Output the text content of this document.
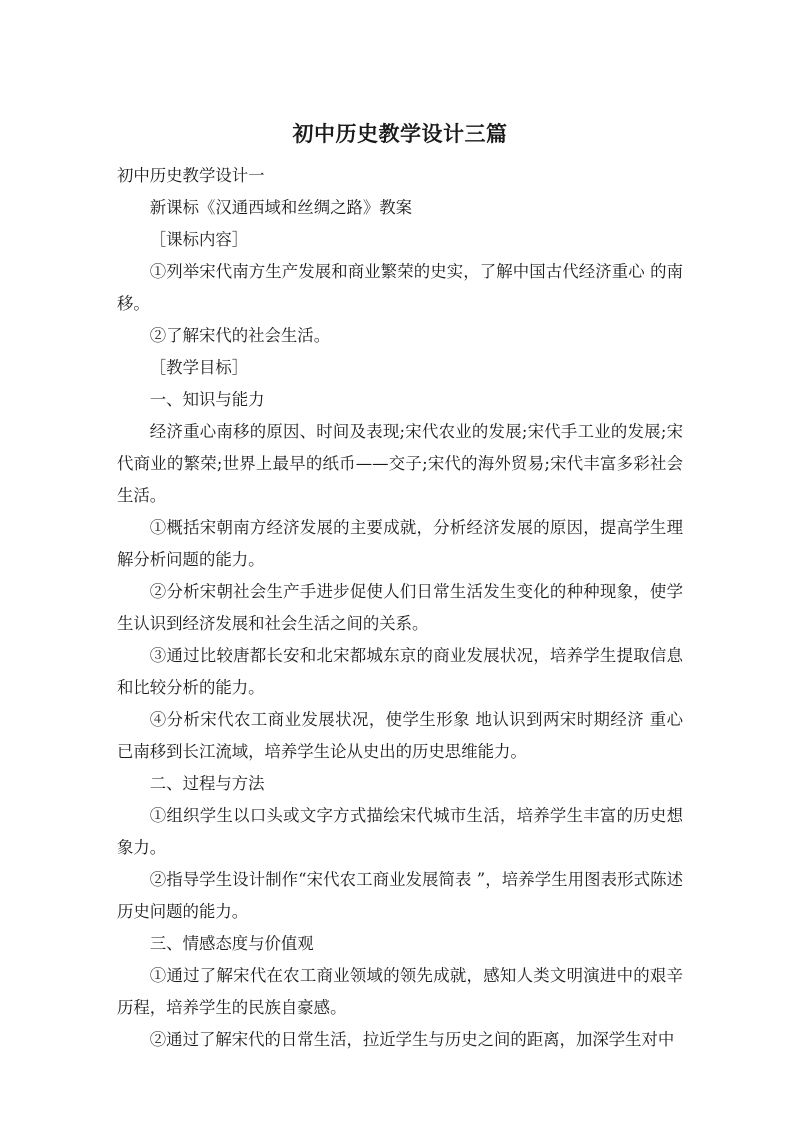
初中历史教学设计三篇

初中历史教学设计一

新课标《汉通西域和丝绸之路》教案

［课标内容］

①列举宋代南方生产发展和商业繁荣的史实，了解中国古代经济重心 的南移。

②了解宋代的社会生活。

［教学目标］

一、知识与能力

经济重心南移的原因、时间及表现;宋代农业的发展;宋代手工业的发展;宋代商业的繁荣;世界上最早的纸币——交子;宋代的海外贸易;宋代丰富多彩社会生活。

①概括宋朝南方经济发展的主要成就，分析经济发展的原因，提高学生理解分析问题的能力。

②分析宋朝社会生产手进步促使人们日常生活发生变化的种种现象，使学生认识到经济发展和社会生活之间的关系。

③通过比较唐都长安和北宋都城东京的商业发展状况，培养学生提取信息和比较分析的能力。

④分析宋代农工商业发展状况，使学生形象 地认识到两宋时期经济 重心已南移到长江流域，培养学生论从史出的历史思维能力。

二、过程与方法

①组织学生以口头或文字方式描绘宋代城市生活，培养学生丰富的历史想象力。

②指导学生设计制作“宋代农工商业发展简表 ”，培养学生用图表形式陈述历史问题的能力。

三、情感态度与价值观

①通过了解宋代在农工商业领域的领先成就，感知人类文明演进中的艰辛历程，培养学生的民族自豪感。

②通过了解宋代的日常生活，拉近学生与历史之间的距离，加深学生对中
